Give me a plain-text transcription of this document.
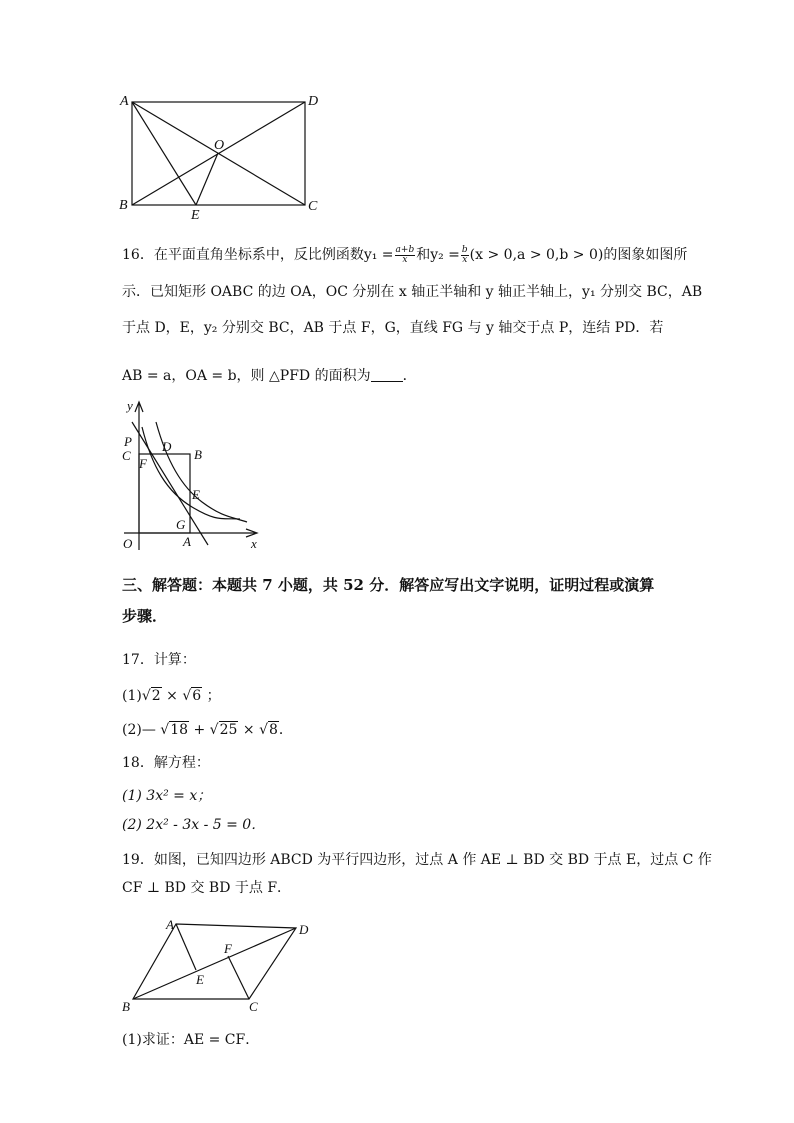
A	D
B	C
O
E
16．在平面直角坐标系中，反比例函数$y_1 = \frac{a+b}{x}$ 和$y_2 = \frac{b}{x} (x > 0,a > 0,b > 0)$的图象如图所
示．已知矩形 OABC 的边 OA，OC 分别在 x 轴正半轴和 y 轴正半轴上，y₁ 分别交 BC，AB
于点 D，E，y₂ 分别交 BC，AB 于点 F，G，直线 FG 与 y 轴交于点 P，连结 PD．若
AB = a，OA = b，则 △PFD 的面积为 ．
y
x
P D
C
F
B
E
G
O	A
三、解答题：本题共 7 小题，共 52 分．解答应写出文字说明，证明过程或演算
步骤．
17．计算：
(1)√2 × √6 ；
(2)— √18 + √25 × √8．
18．解方程：
(1) 3x² = x；
(2) 2x² - 3x - 5 = 0．
19．如图，已知四边形 ABCD 为平行四边形，过点 A 作 AE ⊥ BD 交 BD 于点 E，过点 C 作
CF ⊥ BD 交 BD 于点 F．
A	D
B	C
E
F
(1)求证：AE = CF．
